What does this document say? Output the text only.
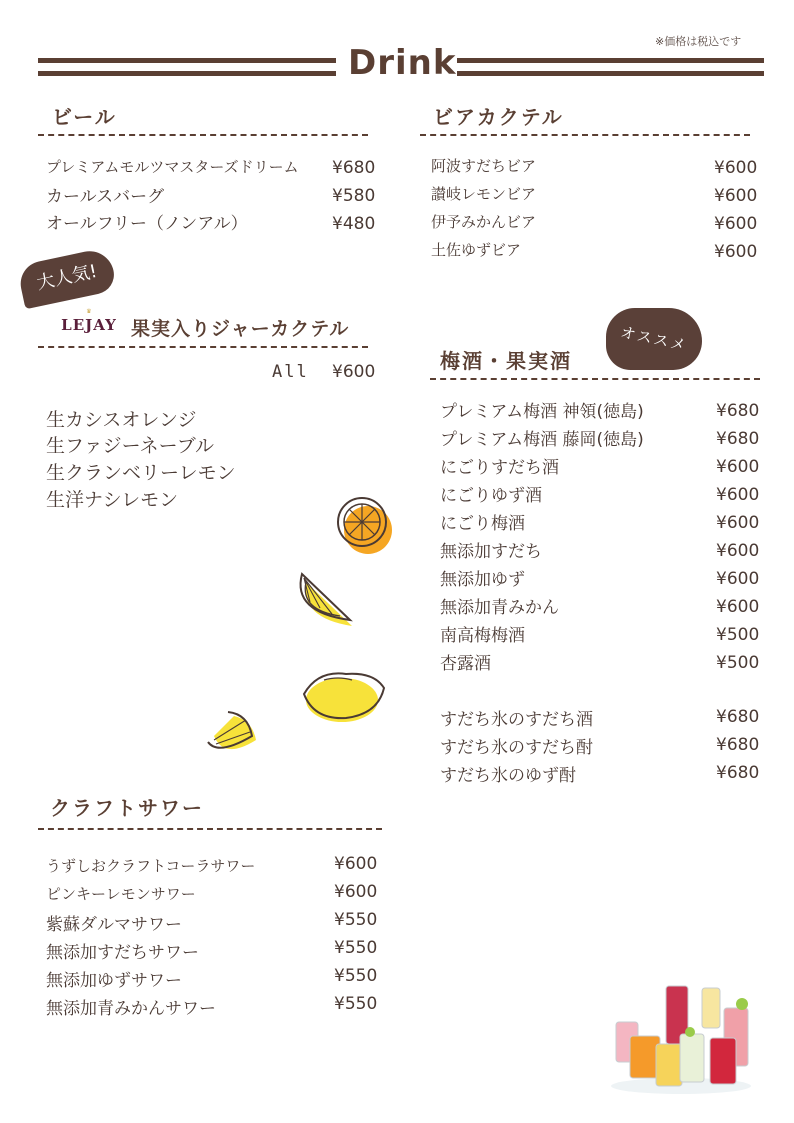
※価格は税込です
Drink
ビール
プレミアムモルツマスターズドリーム ¥680
カールスバーグ	¥580
オールフリー（ノンアル）	¥480
大人気!
♛
LEJAY 果実入りジャーカクテル
All ¥600
生カシスオレンジ
生ファジーネーブル
生クランベリーレモン
生洋ナシレモン
クラフトサワー
うずしおクラフトコーラサワー	¥600
ピンキーレモンサワー	¥600
紫蘇ダルマサワー	¥550
無添加すだちサワー	¥550
無添加ゆずサワー	¥550
無添加青みかんサワー	¥550
ビアカクテル
阿波すだちビア	¥600
讃岐レモンビア	¥600
伊予みかんビア	¥600
土佐ゆずビア	¥600
オススメ
梅酒・果実酒
プレミアム梅酒 神領(徳島)	¥680
プレミアム梅酒 藤岡(徳島)	¥680
にごりすだち酒	¥600
にごりゆず酒	¥600
にごり梅酒	¥600
無添加すだち	¥600
無添加ゆず	¥600
無添加青みかん	¥600
南高梅梅酒	¥500
杏露酒	¥500
すだち氷のすだち酒	¥680
すだち氷のすだち酎	¥680
すだち氷のゆず酎	¥680
